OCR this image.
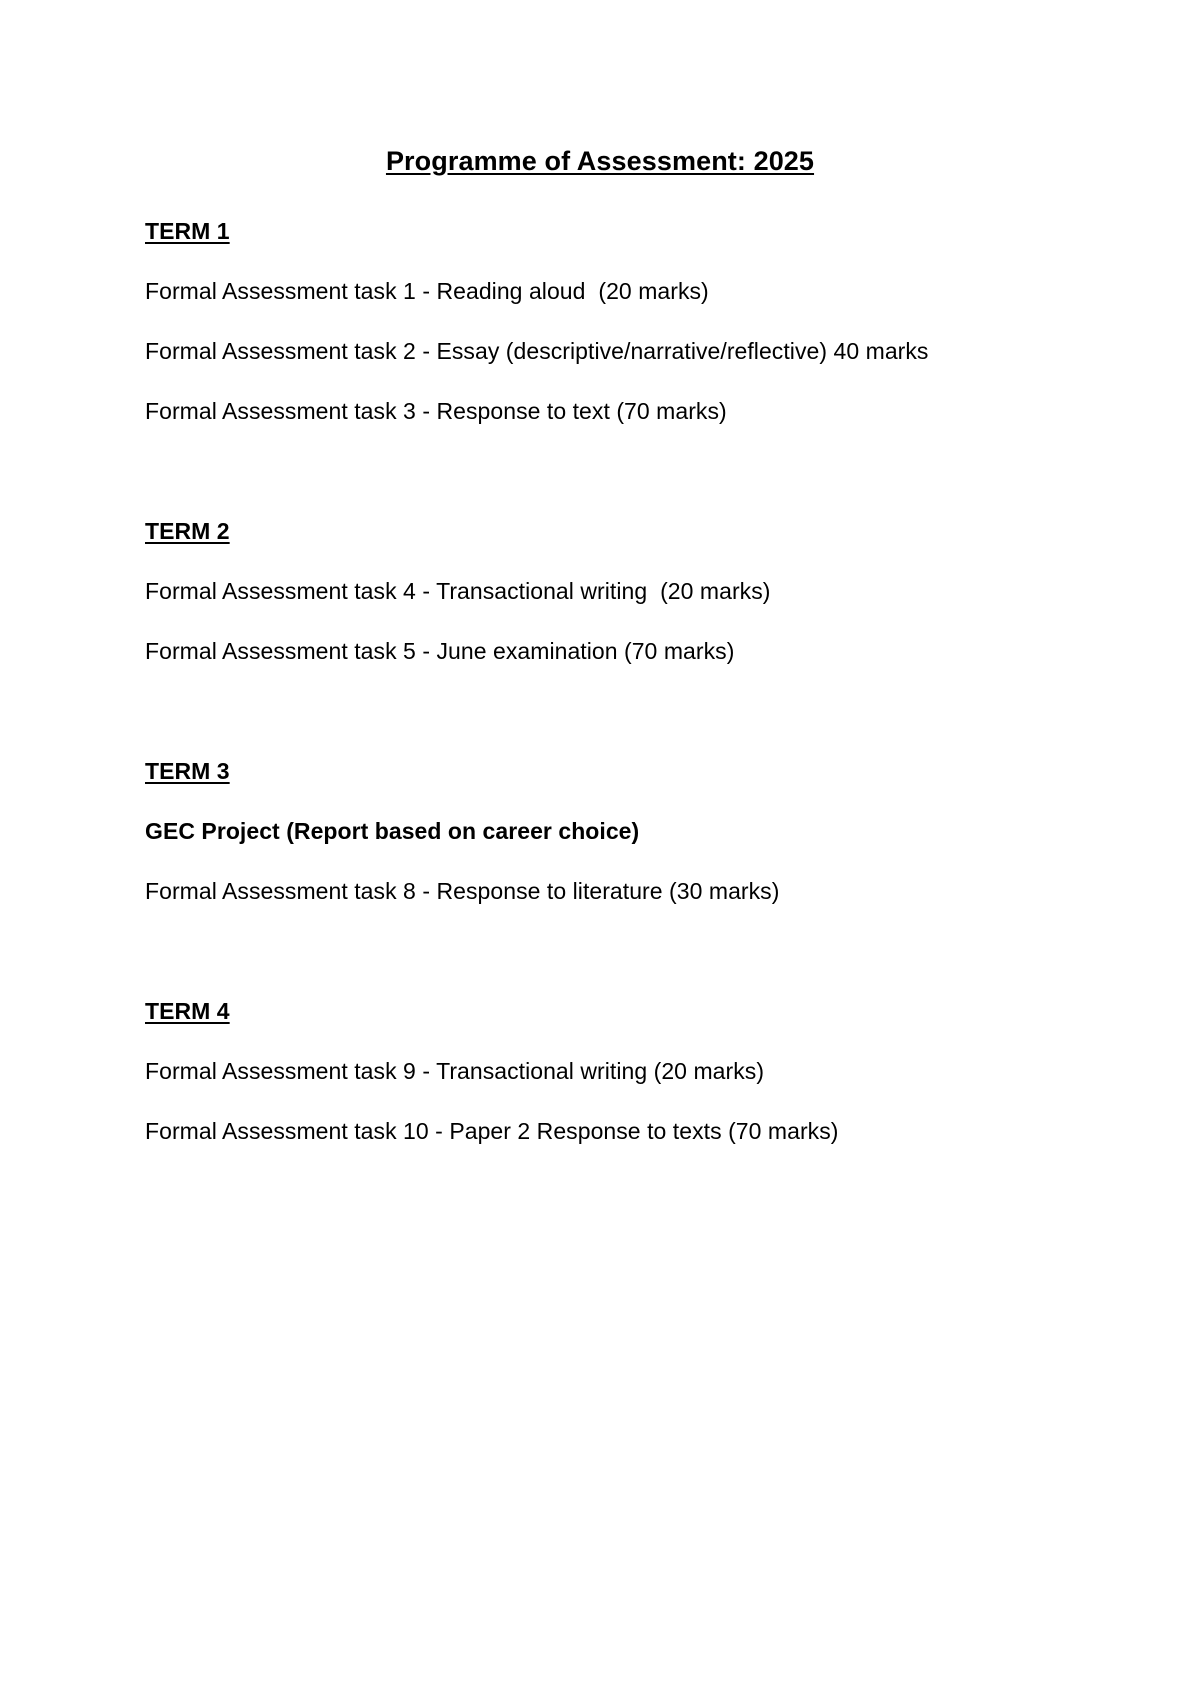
Programme of Assessment: 2025
TERM 1
Formal Assessment task 1 - Reading aloud  (20 marks)
Formal Assessment task 2 - Essay (descriptive/narrative/reflective) 40 marks
Formal Assessment task 3 - Response to text (70 marks)
TERM 2
Formal Assessment task 4 - Transactional writing  (20 marks)
Formal Assessment task 5 - June examination (70 marks)
TERM 3
GEC Project (Report based on career choice)
Formal Assessment task 8 - Response to literature (30 marks)
TERM 4
Formal Assessment task 9 - Transactional writing (20 marks)
Formal Assessment task 10 - Paper 2 Response to texts (70 marks)
